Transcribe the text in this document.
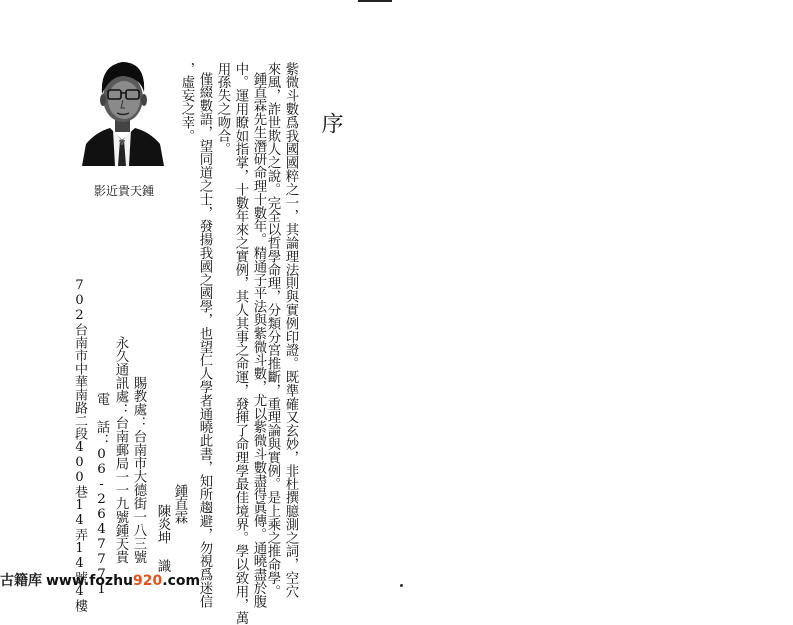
序
紫微斗數爲我國國粹之一，其論理法則與實例印證。既準確又玄妙，非杜撰臆測之詞，空穴
來風，詐世欺人之說。完全以哲學命理，分類分宮推斷，重理論與實例。是上乘之推命學。
鍾直霖先生潛研命理十數年。精通子平法與紫微斗數，尤以紫微斗數盡得眞傳。通曉盡於腹
中。運用瞭如指掌，十數年來之實例，其人其事之命運，發揮了命理學最佳境界。學以致用，萬
用孫失之吻合。
僅綴數語，望同道之士，發揚我國之國學，也望仁人學者通曉此書，知所趨避，勿視爲迷信
，虛妄之幸。
鍾直霖
陳炎坤 識
賜教處：台南市大德街一八三號
永久通訊處：台南郵局一一九號鍾天貴
電 話：06-2647771
702台南市中華南路二段400巷14弄14號4樓
影近貴天鍾
古籍库 www.fozhu920.com
